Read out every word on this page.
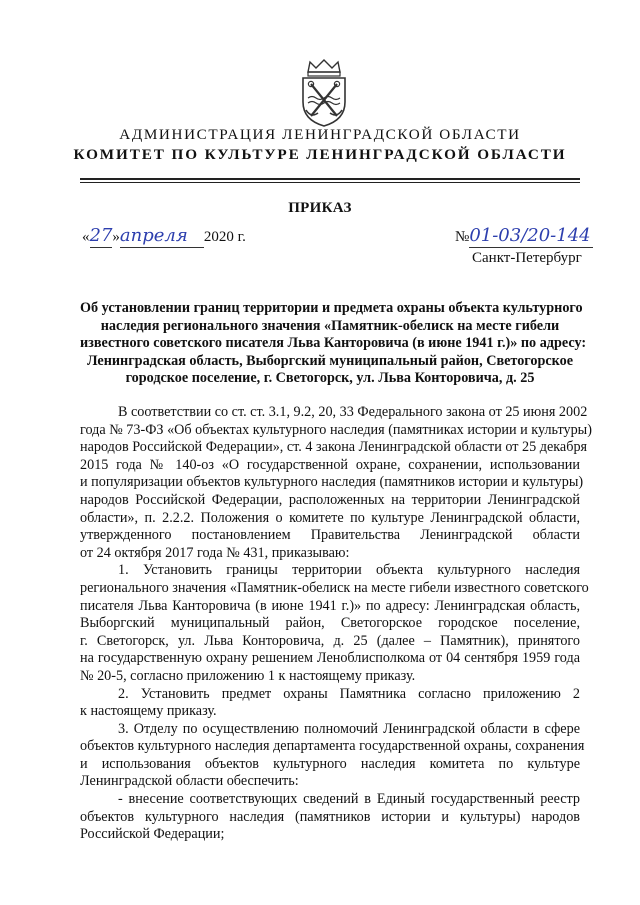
АДМИНИСТРАЦИЯ ЛЕНИНГРАДСКОЙ ОБЛАСТИ
КОМИТЕТ ПО КУЛЬТУРЕ ЛЕНИНГРАДСКОЙ ОБЛАСТИ
ПРИКАЗ
«27»апреля 2020 г.	№01-03/20-144
Санкт-Петербург
Об установлении границ территории и предмета охраны объекта культурного
наследия регионального значения «Памятник-обелиск на месте гибели
известного советского писателя Льва Канторовича (в июне 1941 г.)» по адресу:
Ленинградская область, Выборгский муниципальный район, Светогорское
городское поселение, г. Светогорск, ул. Льва Конторовича, д. 25

В соответствии со ст. ст. 3.1, 9.2, 20, 33 Федерального закона от 25 июня 2002
года № 73-ФЗ «Об объектах культурного наследия (памятниках истории и культуры)
народов Российской Федерации», ст. 4 закона Ленинградской области от 25 декабря
2015 года № 140-оз «О государственной охране, сохранении, использовании
и популяризации объектов культурного наследия (памятников истории и культуры)
народов Российской Федерации, расположенных на территории Ленинградской
области», п. 2.2.2. Положения о комитете по культуре Ленинградской области,
утвержденного постановлением Правительства Ленинградской области
от 24 октября 2017 года № 431, приказываю:

1. Установить границы территории объекта культурного наследия
регионального значения «Памятник-обелиск на месте гибели известного советского
писателя Льва Канторовича (в июне 1941 г.)» по адресу: Ленинградская область,
Выборгский муниципальный район, Светогорское городское поселение,
г. Светогорск, ул. Льва Конторовича, д. 25 (далее – Памятник), принятого
на государственную охрану решением Леноблисполкома от 04 сентября 1959 года
№ 20-5, согласно приложению 1 к настоящему приказу.

2. Установить предмет охраны Памятника согласно приложению 2
к настоящему приказу.

3. Отделу по осуществлению полномочий Ленинградской области в сфере
объектов культурного наследия департамента государственной охраны, сохранения
и использования объектов культурного наследия комитета по культуре
Ленинградской области обеспечить:

- внесение соответствующих сведений в Единый государственный реестр
объектов культурного наследия (памятников истории и культуры) народов
Российской Федерации;
